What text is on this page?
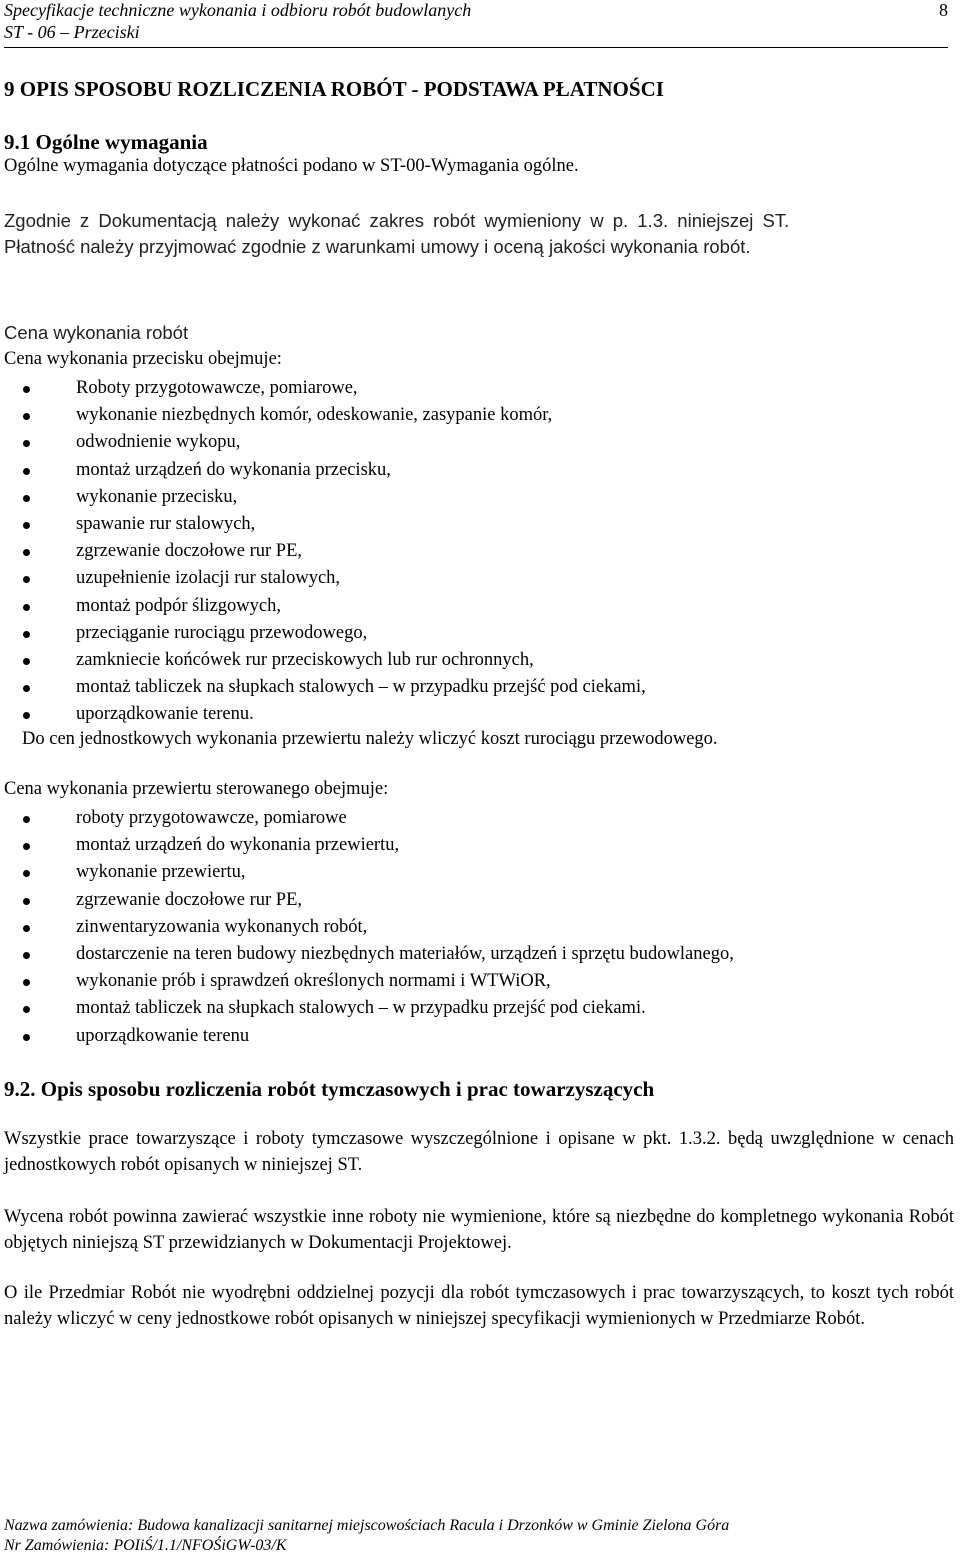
Specyfikacje techniczne wykonania i odbioru robót budowlanych
ST - 06 – Przeciski
8
9 OPIS SPOSOBU ROZLICZENIA ROBÓT - PODSTAWA PŁATNOŚCI
9.1 Ogólne wymagania
Ogólne wymagania dotyczące płatności podano w ST-00-Wymagania ogólne.
Zgodnie z Dokumentacją należy wykonać zakres robót wymieniony w p. 1.3. niniejszej ST.
Płatność należy przyjmować zgodnie z warunkami umowy i oceną jakości wykonania robót.
Cena wykonania robót
Cena wykonania przecisku obejmuje:
Roboty przygotowawcze, pomiarowe,
wykonanie niezbędnych komór, odeskowanie, zasypanie komór,
odwodnienie wykopu,
montaż urządzeń do wykonania przecisku,
wykonanie przecisku,
spawanie rur stalowych,
zgrzewanie doczołowe rur PE,
uzupełnienie izolacji rur stalowych,
montaż podpór ślizgowych,
przeciąganie rurociągu przewodowego,
zamkniecie końcówek rur przeciskowych lub rur ochronnych,
montaż tabliczek na słupkach stalowych – w przypadku przejść pod ciekami,
uporządkowanie terenu.
Do cen jednostkowych wykonania przewiertu należy wliczyć koszt rurociągu przewodowego.
Cena wykonania przewiertu sterowanego obejmuje:
roboty przygotowawcze, pomiarowe
montaż urządzeń do wykonania przewiertu,
wykonanie przewiertu,
zgrzewanie doczołowe rur PE,
zinwentaryzowania wykonanych robót,
dostarczenie na teren budowy niezbędnych materiałów, urządzeń i sprzętu budowlanego,
wykonanie prób i sprawdzeń określonych normami i WTWiOR,
montaż tabliczek na słupkach stalowych – w przypadku przejść pod ciekami.
uporządkowanie terenu
9.2. Opis sposobu rozliczenia robót tymczasowych i prac towarzyszących
Wszystkie prace towarzyszące i roboty tymczasowe wyszczególnione i opisane w pkt. 1.3.2. będą uwzględnione w cenach jednostkowych robót opisanych w niniejszej ST.
Wycena robót powinna zawierać wszystkie inne roboty nie wymienione, które są niezbędne do kompletnego wykonania Robót objętych niniejszą ST przewidzianych w Dokumentacji Projektowej.
O ile Przedmiar Robót nie wyodrębni oddzielnej pozycji dla robót tymczasowych i prac towarzyszących, to koszt tych robót należy wliczyć w ceny jednostkowe robót opisanych w niniejszej specyfikacji wymienionych w Przedmiarze Robót.
Nazwa zamówienia: Budowa kanalizacji sanitarnej miejscowościach Racula i Drzonków w Gminie Zielona Góra
Nr Zamówienia: POIiŚ/1.1/NFOŚiGW-03/K
